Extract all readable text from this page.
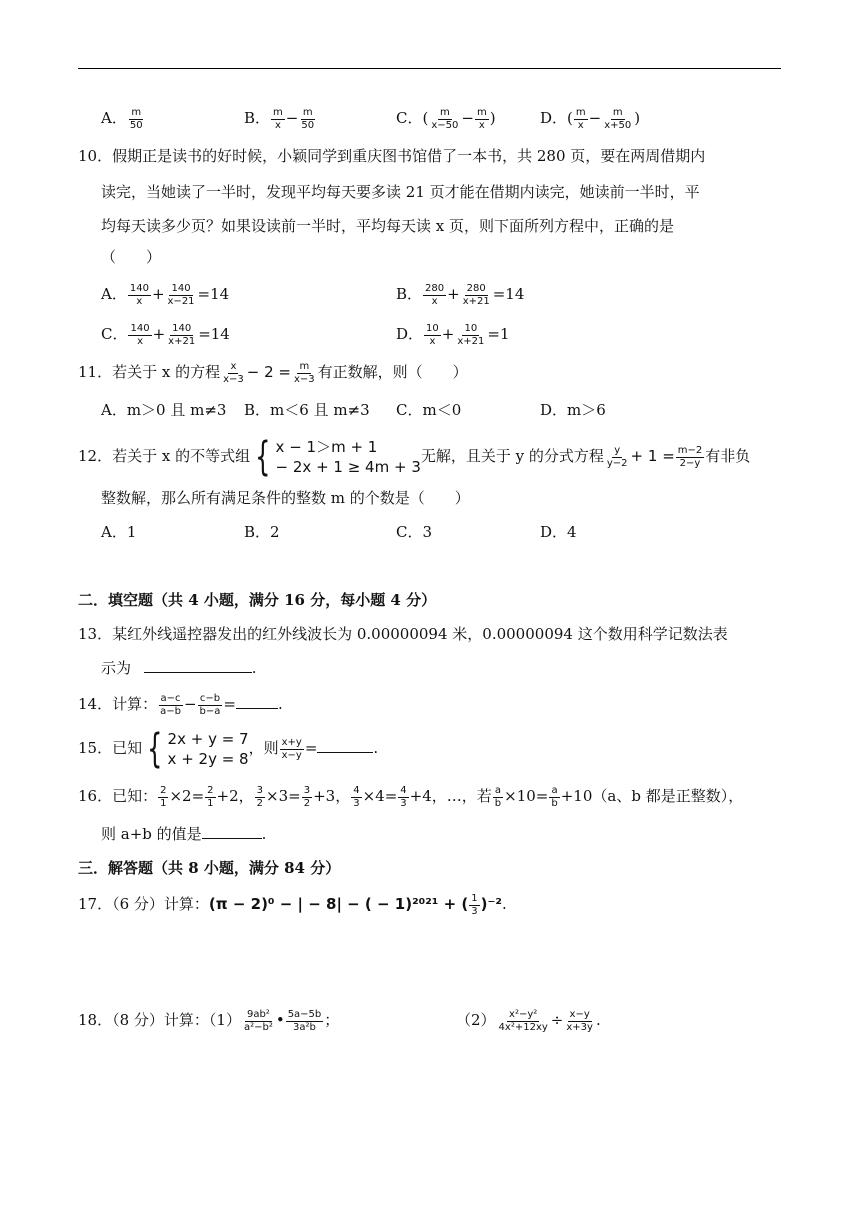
A． $\frac{m}{50}$	B． $\frac{m}{x} - \frac{m}{50}$	C．( $\frac{m}{x-50} - \frac{m}{x}$ )	D．( $\frac{m}{x} - \frac{m}{x+50}$ )
10．假期正是读书的好时候，小颖同学到重庆图书馆借了一本书，共 280 页，要在两周借期内
读完，当她读了一半时，发现平均每天要多读 21 页才能在借期内读完，她读前一半时，平
均每天读多少页？如果设读前一半时，平均每天读 x 页，则下面所列方程中，正确的是
（　　）
A． $\frac{140}{x} + \frac{140}{x-21} =14$	B． $\frac{280}{x} + \frac{280}{x+21} =14$
C． $\frac{140}{x} + \frac{140}{x+21} =14$	D． $\frac{10}{x} + \frac{10}{x+21} =1$
11．若关于 x 的方程 $\frac{x}{x-3} - 2 = \frac{m}{x-3}$ 有正数解，则（　　）
A．m＞0 且 m≠3 B．m＜6 且 m≠3 C．m＜0	D．m＞6
12．若关于 x 的不等式组 { x − 1＞m + 1
− 2x + 1 ≥ 4m + 3
无解，且关于 y 的分式方程 $\frac{y}{y-2} + 1 = \frac{m-2}{2-y}$ 有非负
整数解，那么所有满足条件的整数 m 的个数是（　　）
A．1	B．2	C．3	D．4
二．填空题（共 4 小题，满分 16 分，每小题 4 分）
13．某红外线遥控器发出的红外线波长为 0.00000094 米，0.00000094 这个数用科学记数法表
示为	.
14．计算： $\frac{a-c}{a-b} - \frac{c-b}{b-a}$ =	.
15．已知 { 2x + y = 7
x + 2y = 8
，则 $\frac{x+y}{x-y}$ =	.
16．已知： $\frac{2}{1} \times 2= \frac{2}{1} +2$， $\frac{3}{2} \times 3= \frac{3}{2} +3$， $\frac{4}{3} \times 4= \frac{4}{3} +4$，…，若 $\frac{a}{b} \times 10= \frac{a}{b} +10(a$、b 都是正整数），
则 a+b 的值是	.
三．解答题（共 8 小题，满分 84 分）
17．（6 分）计算：(π − 2)⁰ − | − 8| − ( − 1)²⁰²¹ + ( $\frac{1}{3} )^{-2}$.
18．（8 分）计算：$(1) \frac{\text{9ab²}}{\text{a²−b²}}$ • $\frac{5a-5b}{\text{3a²b}}$ ；	$(2) \frac{\text{x²−y²}}{\text{4x²+12xy}} \div \frac{x-y}{x+3y}$ .
